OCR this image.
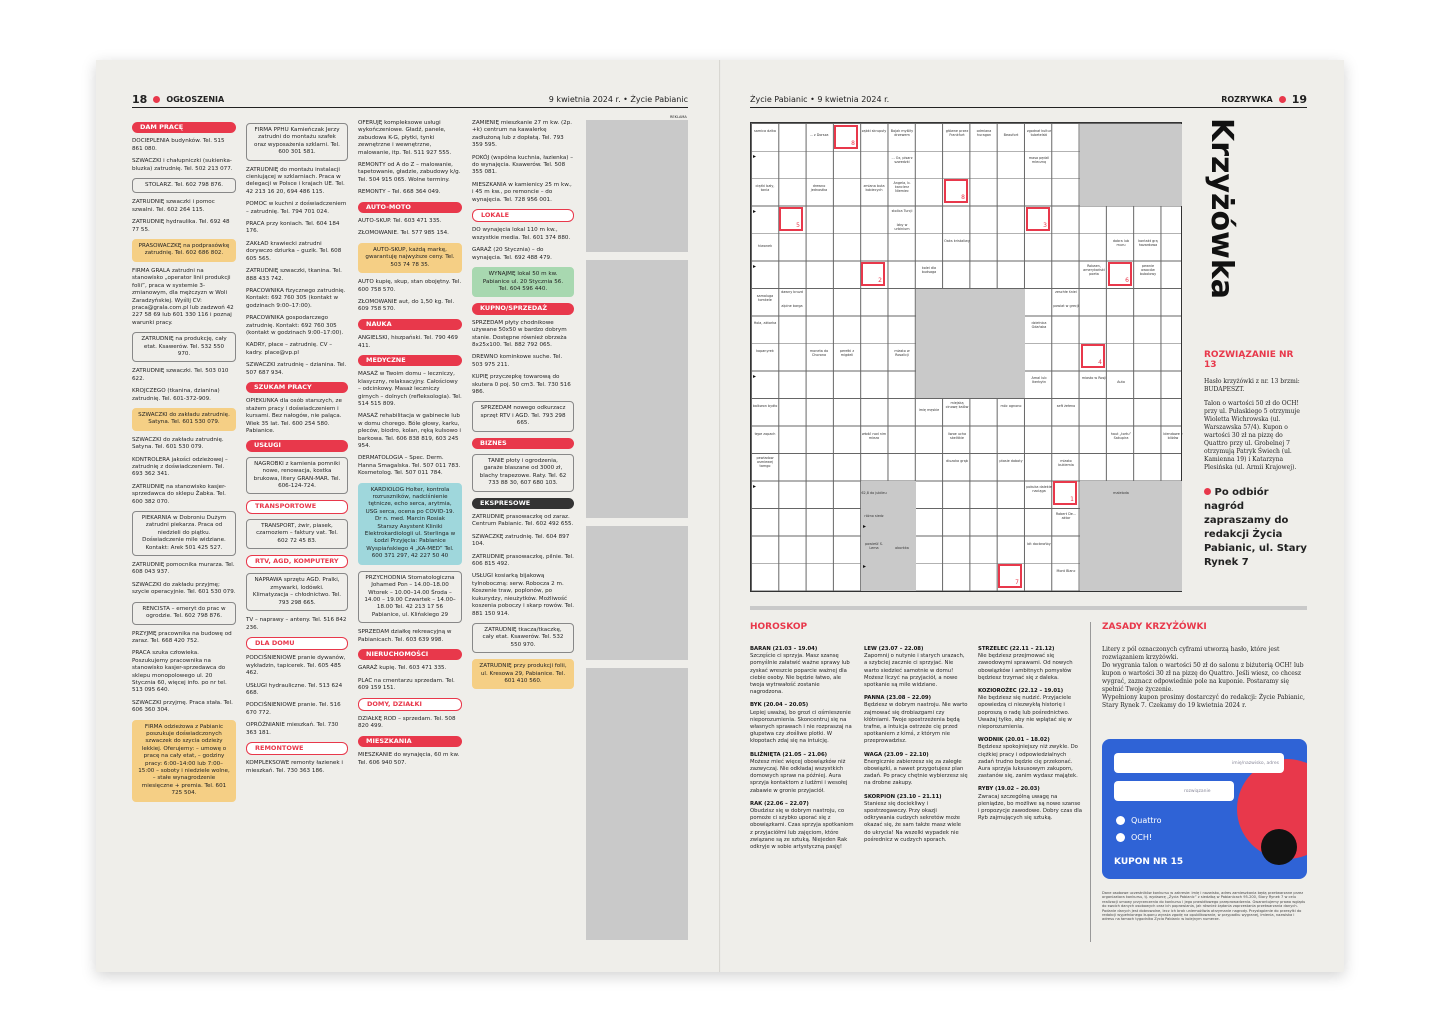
18 OGŁOSZENIA	9 kwietnia 2024 r. • Życie Pabianic	Życie Pabianic • 9 kwietnia 2024 r.	ROZRYWKA 19
DAM PRACĘ
DOCIEPLENIA budynków. Tel. 515 861 080.
SZWACZKI i chałupniczki (sukienka-bluzka) zatrudnię. Tel. 502 213 077.
STOLARZ. Tel. 602 798 876.
ZATRUDNIĘ szwaczki i pomoc szwalni. Tel. 602 264 115.
ZATRUDNIĘ hydraulika. Tel. 692 48 77 55.
PRASOWACZKĘ na podprasówkę zatrudnię. Tel. 602 686 802.
FIRMA GRALA zatrudni na stanowisko „operator linii produkcji folii”, praca w systemie 3-zmianowym, dla mężczyzn w Woli Zaradzyńskiej. Wyślij CV: praca@grala.com.pl lub zadzwoń 42 227 58 69 lub 601 330 116 i poznaj warunki pracy.
ZATRUDNIĘ na produkcję, cały etat. Ksawerów. Tel. 532 550 970.
ZATRUDNIĘ szwaczki. Tel. 503 010 622.
KROJCZEGO (tkanina, dzianina) zatrudnię. Tel. 601-372-909.
SZWACZKI do zakładu zatrudnię. Satyna. Tel. 601 530 079.
SZWACZKI do zakładu zatrudnię. Satyna. Tel. 601 530 079.
KONTROLERA jakości odzieżowej – zatrudnię z doświadczeniem. Tel. 693 362 341.
ZATRUDNIĘ na stanowisko kasjer-sprzedawca do sklepu Żabka. Tel. 600 382 070.
PIEKARNIA w Dobroniu Dużym zatrudni piekarza. Praca od niedzieli do piątku. Doświadczenie mile widziane. Kontakt: Arek 501 425 527.
ZATRUDNIĘ pomocnika murarza. Tel. 608 043 937.
SZWACZKI do zakładu przyjmę; szycie operacyjnie. Tel. 601 530 079.
RENCISTA – emeryt do prac w ogrodzie. Tel. 602 798 876.
PRZYJMĘ pracownika na budowę od zaraz. Tel. 668 420 752.
PRACA szuka człowieka. Poszukujemy pracownika na stanowisko kasjer-sprzedawca do sklepu monopolowego ul. 20 Stycznia 60, więcej info. po nr tel. 513 095 640.
SZWACZKI przyjmę. Praca stała. Tel. 606 360 304.
FIRMA odzieżowa z Pabianic poszukuje doświadczonych szwaczek do szycia odzieży lekkiej. Oferujemy: – umowę o pracę na cały etat, – godziny pracy: 6:00–14:00 lub 7:00–15:00 – soboty i niedziele wolne, – stałe wynagrodzenie miesięczne + premia. Tel. 601 725 504.
FIRMA PPHU Kamieńczak Jerzy zatrudni do montażu szafek oraz wyposażenia szklarni. Tel. 600 301 581.
ZATRUDNIĘ do montażu instalacji cieniującej w szklarniach. Praca w delegacji w Polsce i krajach UE. Tel. 42 213 16 20, 694 486 115.
POMOC w kuchni z doświadczeniem – zatrudnię. Tel. 794 701 024.
PRACA przy koniach. Tel. 604 184 176.
ZAKŁAD krawiecki zatrudni dorywczo dziurka – guzik. Tel. 608 605 565.
ZATRUDNIĘ szwaczki, tkanina. Tel. 888 433 742.
PRACOWNIKA fizycznego zatrudnię. Kontakt: 692 760 305 (kontakt w godzinach 9:00–17:00).
PRACOWNIKA gospodarczego zatrudnię. Kontakt: 692 760 305 (kontakt w godzinach 9:00–17:00).
KADRY, płace – zatrudnię. CV – kadry. place@vp.pl
SZWACZKI zatrudnię – dzianina. Tel. 507 687 934.
SZUKAM PRACY
OPIEKUNKA dla osób starszych, ze stażem pracy i doświadczeniem i kursami. Bez nałogów, nie paląca. Wiek 35 lat. Tel. 600 254 580. Pabianice.
USŁUGI
NAGROBKI z kamienia pomniki nowe, renowacja, kostka brukowa, litery GRAN-MAR. Tel. 606-124-724.
TRANSPORTOWE
TRANSPORT, żwir, piasek, czarnoziem – faktury vat. Tel. 602 72 45 83.
RTV, AGD, KOMPUTERY
NAPRAWA sprzętu AGD. Pralki, zmywarki, lodówki. Klimatyzacja – chłodnictwo. Tel. 793 298 665.
TV – naprawy – anteny. Tel. 516 842 236.
DLA DOMU
PODCIŚNIENIOWE pranie dywanów, wykładzin, tapicerek. Tel. 605 485 462.
USŁUGI hydrauliczne. Tel. 513 624 668.
PODCIŚNIENIOWE pranie. Tel. 516 670 772.
OPRÓŻNIANIE mieszkań. Tel. 730 363 181.
REMONTOWE
KOMPLEKSOWE remonty łazienek i mieszkań. Tel. 730 363 186.
OFERUJĘ kompleksowe usługi wykończeniowe. Gładź, panele, zabudowa K-G, płytki, tynki zewnętrzne i wewnętrzne, malowanie, itp. Tel. 511 927 555.
REMONTY od A do Z – malowanie, tapetowanie, gładzie, zabudowy k/g. Tel. 504 915 065. Wolne terminy.
REMONTY – Tel. 668 364 049.
AUTO-MOTO
AUTO-SKUP. Tel. 603 471 335.
ZŁOMOWANIE. Tel. 577 985 154.
AUTO-SKUP, każdą markę, gwarantuję najwyższe ceny. Tel. 503 74 78 35.
AUTO kupię, skup, stan obojętny. Tel. 600 758 570.
ZŁOMOWANIE aut, do 1,50 kg. Tel. 609 758 570.
NAUKA
ANGIELSKI, hiszpański. Tel. 790 469 411.
MEDYCZNE
MASAŻ w Twoim domu – leczniczy, klasyczny, relaksacyjny. Całościowy – odcinkowy. Masaż leczniczy girnych – dolnych (refleksologia). Tel. 514 515 809.
MASAŻ rehabilitacja w gabinecie lub w domu chorego. Bóle głowy, karku, pleców, biodro, kolan, ręką kulsowo i barkowa. Tel. 606 838 819, 603 245 954.
DERMATOLOGIA – Spec. Derm. Hanna Smagalska. Tel. 507 011 783. Kosmetolog. Tel. 507 011 784.
KARDIOLOG Holter, kontrola rozruszników, nadciśnienie tętnicze, echo serca, arytmia, USG serca, ocena po COVID-19. Dr n. med. Marcin Rosiak Starszy Asystent Kliniki Elektrokardiologii ul. Sterlinga w Łodzi Przyjęcia: Pabianice Wyspiańskiego 4 „KA-MED” Tel. 600 371 297, 42 227 50 40
PRZYCHODNIA Stomatologiczna Johamed Pon – 14.00–18.00 Wtorek – 10.00–14.00 Środa – 14.00 – 19.00 Czwartek – 14.00–18.00 Tel. 42 213 17 56 Pabianice, ul. Klińskiego 29
SPRZEDAM działkę rekreacyjną w Pabianicach. Tel. 603 639 998.
NIERUCHOMOŚCI
GARAŻ kupię. Tel. 603 471 335.
PLAC na cmentarzu sprzedam. Tel. 609 159 151.
DOMY, DZIAŁKI
DZIAŁKĘ ROD – sprzedam. Tel. 508 820 499.
MIESZKANIA
MIESZKANIE do wynajęcia, 60 m kw. Tel. 606 940 507.
ZAMIENIĘ mieszkanie 27 m kw. (2p. +k) centrum na kawalerkę zadłużoną lub z dopłatą. Tel. 793 359 595.
POKÓJ (wspólna kuchnia, łazienka) – do wynajęcia. Ksawerów. Tel. 508 355 081.
MIESZKANIA w kamienicy 25 m kw., i 45 m kw., po remoncie – do wynajęcia. Tel. 728 956 001.
LOKALE
DO wynajęcia lokal 110 m kw., wszystkie media. Tel. 601 374 880.
GARAŻ (20 Stycznia) – do wynajęcia. Tel. 692 488 479.
WYNAJMĘ lokal 50 m kw. Pabianice ul. 20 Stycznia 56. Tel. 604 596 440.
KUPNO/SPRZEDAŻ
SPRZEDAM płyty chodnikowe używane 50x50 w bardzo dobrym stanie. Dostępne również obrzeża 8x25x100. Tel. 882 792 065.
DREWNO kominkowe suche. Tel. 503 975 211.
KUPIĘ przyczepkę towarową do skutera 0 poj. 50 cm3. Tel. 730 516 986.
SPRZEDAM nowego odkurzacz sprzęt RTV i AGD. Tel. 793 298 665.
BIZNES
TANIE płoty i ogrodzenia, garaże blaszane od 3000 zł, blachy trapezowe. Raty. Tel. 62 733 88 30, 607 680 103.
EKSPRESOWE
ZATRUDNIĘ prasowaczkę od zaraz. Centrum Pabianic. Tel. 602 492 655.
SZWACZKĘ zatrudnię. Tel. 604 897 104.
ZATRUDNIĘ prasowaczkę, pilnie. Tel. 606 815 492.
USŁUGI kosiarką bijakową tylnoboczną: serw. Robocza 2 m. Koszenie traw, poplonów, po kukurydzy, nieużytków. Możliwość koszenia poboczy i skarp rowów. Tel. 881 150 914.
ZATRUDNIĘ tkacza/tkaczkę, cały etat. Ksawerów. Tel. 532 550 970.
ZATRUDNIĘ przy produkcji folii, ul. Kresowa 29, Pabianice. Tel. 601 410 560.
REKLAMA
5
8
8
3
2	6
4
1
7
samica dzika
... z Dorsza
ząbki skrupuły	Bojak myśliły drzewem
główne przez Frankfurt
odmiana huragan	Beaufort
zgodnał kultur tubetelski
... Oz, pisarz szwedzki
masa pędzil mleczną
ciężki bały, tania
drewno jednostka
zmiana buta kobiecych
Angela, b. kanclerz Niemiec
stolica Turcji
Izby w urbinium
hiwonek
Oaks kristaliwy
kolei dla budsaga
dobra lub muru
kontakt grą hazardowa
Robaen, amerykański poeta
pewnie owoców bubolowy
samaluga tomkele
dawny bruzd
alpine barga
zeschłe śniei
powiat w grecji
Hola, aktorka	dziełnica Gdańska
kopanyrek	moneta do Chorona
perełki z migdeli
miasto w Rosalicji
Amal lub Ikerbytn
miasto w Rosji
Auto
balkwon bydło
imię męskie
miejską cinowę kalów	móc ognono	seft żełeno
tępe zopach	włość nod nim mieza
liwoe ucha skelitkie
haut „tortu” Sakupira
blendowe z bliżów
pewiadow osmiewej tamgo
diuzoka grąb	ptasie doboty	miasto bukiemia
62,8 do jubileu
pokuka dalekie naciąga	maleloda
różno siedz	Robert De... aktor
powieść S. Lema	oborkka
bit docbrońby
Mont Blanc
▸
▸
▸
▸
▸
▸
▸
Krzyżówka
ROZWIĄZANIE NR 13

Hasło krzyżówki z nr. 13 brzmi: BUDAPESZT.

Talon o wartości 50 zł do OCH! przy ul. Pułaskiego 5 otrzymuje Wioletta Wichrowska (ul. Warszawska 57/4). Kupon o wartości 30 zł na pizzę do Quattro przy ul. Grobelnej 7 otrzymują Patryk Świech (ul. Kamienna 19) i Katarzyna Plesińska (ul. Armii Krajowej).

Po odbiór nagród zapraszamy do redakcji Życia Pabianic, ul. Stary Rynek 7

HOROSKOP
BARAN (21.03 – 19.04)
Szczęście ci sprzyja. Masz szansę pomyślnie załatwić ważne sprawy lub zyskać wreszcie poparcie ważnej dla ciebie osoby. Nie będzie łatwo, ale twoja wytrwałość zostanie nagrodzona.
BYK (20.04 – 20.05)
Lepiej uważaj, bo grozi ci ośmieszenie nieporozumienia. Skoncentruj się na własnych sprawach i nie rozpraszaj na głupstwa czy złośliwe plotki. W kłopotach zdaj się na intuicję.
BLIŹNIĘTA (21.05 – 21.06)
Możesz mieć więcej obowiązków niż zazwyczaj. Nie odkładaj wszystkich domowych spraw na później. Aura sprzyja kontaktom z ludźmi i wesołej zabawie w gronie przyjaciół.
RAK (22.06 – 22.07)
Obudzisz się w dobrym nastroju, co pomoże ci szybko uporać się z obowiązkami. Czas sprzyja spotkaniom z przyjaciółmi lub zajęciom, które związane są ze sztuką. Niejeden Rak odkryje w sobie artystyczną pasję!
LEW (23.07 – 22.08)
Zapomnij o nutynie i starych urazach, a szybciej zacznie ci sprzyjać. Nie warto siedzieć samotnie w domu! Możesz liczyć na przyjaciół, a nowe spotkanie są mile widziane.
PANNA (23.08 – 22.09)
Będziesz w dobrym nastroju. Nie warto zajmować się drobiazgami czy kłótniami. Twoje spostrzeżenia będą trafne, a intuicja ostrzeże cię przed spotkaniem z kimś, z którym nie przeprowadzisz.
WAGA (23.09 – 22.10)
Energicznie zabierzesz się za zaległe obowiązki, a nawet przygotujesz plan zadań. Po pracy chętnie wybierzesz się na drobne zakupy.
SKORPION (23.10 – 21.11)
Staniesz się dociekliwy i spostrzegawczy. Przy okazji odkrywania cudzych sekretów może okazać się, że sam także masz wiele do ukrycia! Na wszelki wypadek nie pośrednicz w cudzych sporach.
STRZELEC (22.11 – 21.12)
Nie będziesz przejmować się zawodowymi sprawami. Od nowych obowiązków i ambitnych pomysłów będziesz trzymać się z daleka.
KOZIOROŻEC (22.12 – 19.01)
Nie będziesz się nudzić. Przyjaciele opowiedzą ci niezwykłą historię i poproszą o radę lub pośrednictwo. Uważaj tylko, aby nie wplątać się w nieporozumienia.
WODNIK (20.01 – 18.02)
Będziesz spokojniejszy niż zwykle. Do ciężkiej pracy i odpowiedzialnych zadań trudno będzie cię przekonać. Aura sprzyja luksusowym zakupom, zastanów się, zanim wydasz majątek.
RYBY (19.02 – 20.03)
Zwracaj szczególną uwagę na pieniądze, bo możliwe są nowe szanse i propozycje zawodowe. Dobry czas dla Ryb zajmujących się sztuką.
ZASADY KRZYŻÓWKI

Litery z pól oznaczonych cyframi utworzą hasło, które jest rozwiązaniem krzyżówki.

Do wygrania talon o wartości 50 zł do salonu z biżuterią OCH! lub kupon o wartości 30 zł na pizzę do Quattro. Jeśli wiesz, co chcesz wygrać, zaznacz odpowiednie pole na kuponie. Postaramy się spełnić Twoje życzenie.

Wypełniony kupon prosimy dostarczyć do redakcji: Życie Pabianic, Stary Rynek 7. Czekamy do 19 kwietnia 2024 r.

imię/nazwisko, adres
rozwiązanie
Quattro
OCH!
KUPON NR 15
Dane osobowe uczestników konkursu w zakresie: imię i nazwisko, adres zamieszkania będą przetwarzane przez organizatora konkursu, tj. wydawcę „Życia Pabianic” z siedzibą w Pabianicach 95-200, Stary Rynek 7 w celu realizacji umowy przyrzeczenia do konkursu i jego prawidłowego przeprowadzenia. Gwarantujemy prawo wglądu do swoich danych osobowych oraz ich poprawiania, jak również żądania zaprzestania przetwarzania danych. Podanie danych jest dobrowolne, lecz ich brak uniemożliwia otrzymanie nagrody. Przystąpienie do przesyłki do redakcji wypełnionego kuponu wyraża zgodę na opublikowanie, w przypadku wygranej, imienia, nazwiska i adresu na łamach tygodnika Życia Pabianic w kolejnym numerze.
